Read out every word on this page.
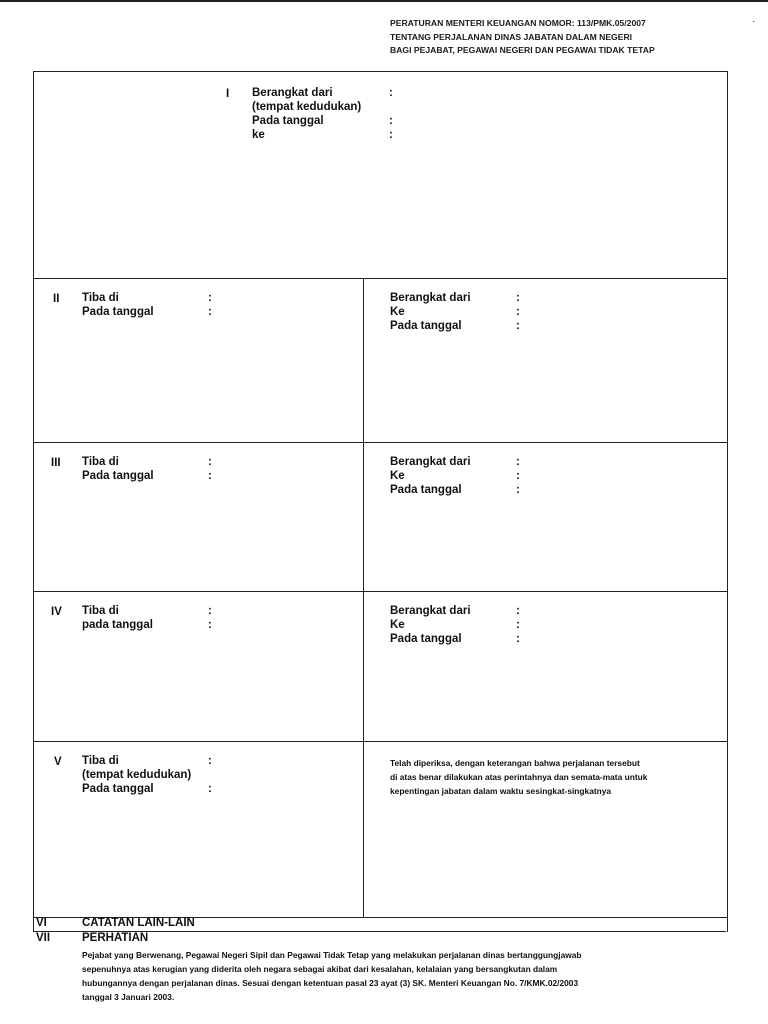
PERATURAN MENTERI KEUANGAN NOMOR: 113/PMK.05/2007
TENTANG PERJALANAN DINAS JABATAN DALAM NEGERI
BAGI PEJABAT, PEGAWAI NEGERI DAN PEGAWAI TIDAK TETAP
·
I Berangkat dari
(tempat kedudukan)
Pada tanggal
ke
:
:
:
II Tiba di
Pada tanggal
:
:
Berangkat dari
Ke
Pada tanggal
:
:
:
III Tiba di
Pada tanggal
:
:
Berangkat dari
Ke
Pada tanggal
:
:
:
IV Tiba di
pada tanggal
:
:
Berangkat dari
Ke
Pada tanggal
:
:
:
V Tiba di
(tempat kedudukan)
Pada tanggal
:
:
Telah diperiksa, dengan keterangan bahwa perjalanan tersebut
di atas benar dilakukan atas perintahnya dan semata-mata untuk
kepentingan jabatan dalam waktu sesingkat-singkatnya
VI	CATATAN LAIN-LAIN
VII	PERHATIAN
Pejabat yang Berwenang, Pegawai Negeri Sipil dan Pegawai Tidak Tetap yang melakukan perjalanan dinas bertanggungjawab
sepenuhnya atas kerugian yang diderita oleh negara sebagai akibat dari kesalahan, kelalaian yang bersangkutan dalam
hubungannya dengan perjalanan dinas. Sesuai dengan ketentuan pasal 23 ayat (3) SK. Menteri Keuangan No. 7/KMK.02/2003
tanggal 3 Januari 2003.
